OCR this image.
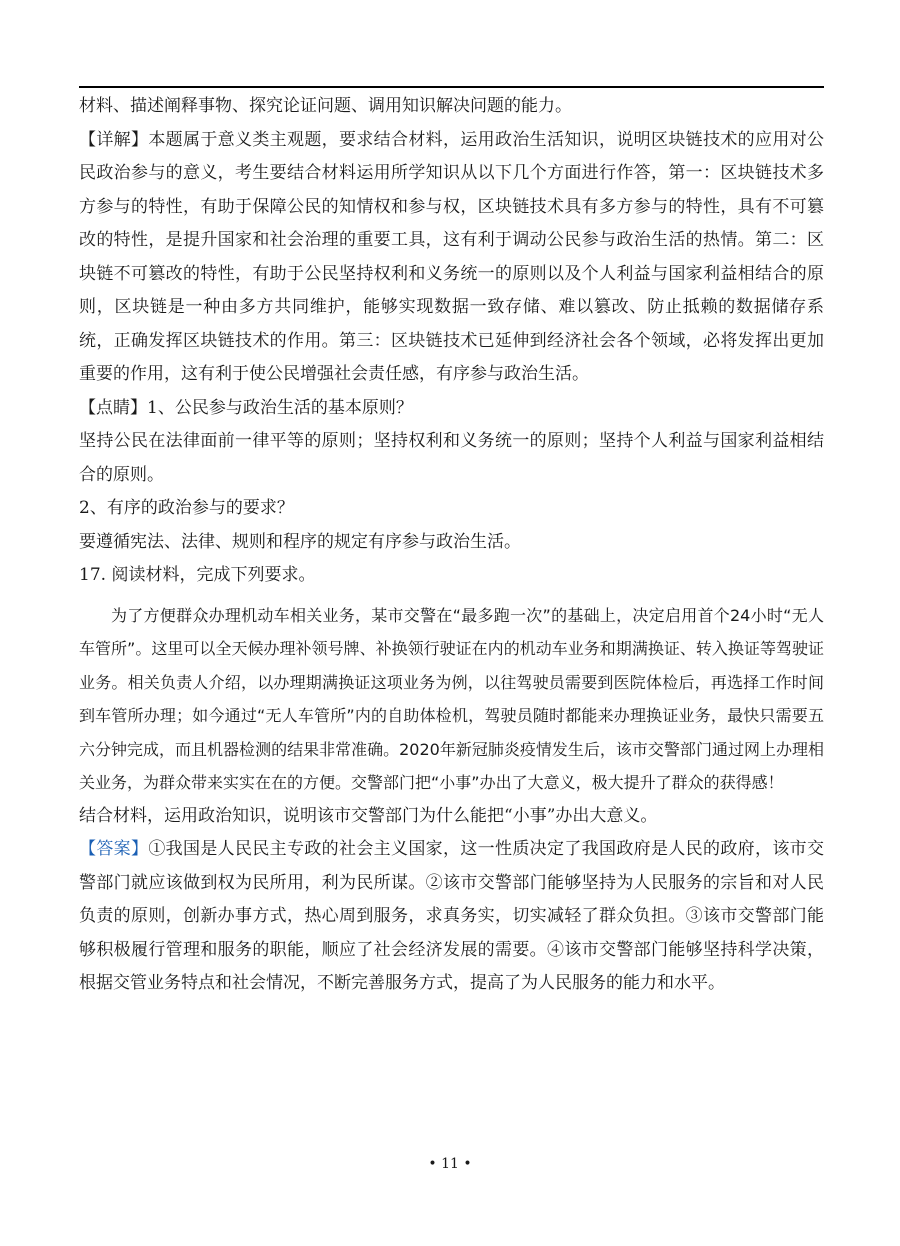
材料、描述阐释事物、探究论证问题、调用知识解决问题的能力。

【详解】本题属于意义类主观题，要求结合材料，运用政治生活知识，说明区块链技术的应用对公民政治参与的意义，考生要结合材料运用所学知识从以下几个方面进行作答，第一：区块链技术多方参与的特性，有助于保障公民的知情权和参与权，区块链技术具有多方参与的特性，具有不可篡改的特性，是提升国家和社会治理的重要工具，这有利于调动公民参与政治生活的热情。第二：区块链不可篡改的特性，有助于公民坚持权利和义务统一的原则以及个人利益与国家利益相结合的原则，区块链是一种由多方共同维护，能够实现数据一致存储、难以篡改、防止抵赖的数据储存系统，正确发挥区块链技术的作用。第三：区块链技术已延伸到经济社会各个领域，必将发挥出更加重要的作用，这有利于使公民增强社会责任感，有序参与政治生活。

【点睛】1、公民参与政治生活的基本原则？

坚持公民在法律面前一律平等的原则；坚持权利和义务统一的原则；坚持个人利益与国家利益相结合的原则。

2、有序的政治参与的要求？

要遵循宪法、法律、规则和程序的规定有序参与政治生活。

17. 阅读材料，完成下列要求。

为了方便群众办理机动车相关业务，某市交警在“最多跑一次”的基础上，决定启用首个24小时“无人车管所”。这里可以全天候办理补领号牌、补换领行驶证在内的机动车业务和期满换证、转入换证等驾驶证业务。相关负责人介绍，以办理期满换证这项业务为例，以往驾驶员需要到医院体检后，再选择工作时间到车管所办理；如今通过“无人车管所”内的自助体检机，驾驶员随时都能来办理换证业务，最快只需要五六分钟完成，而且机器检测的结果非常准确。2020年新冠肺炎疫情发生后，该市交警部门通过网上办理相关业务，为群众带来实实在在的方便。交警部门把“小事”办出了大意义，极大提升了群众的获得感！

结合材料，运用政治知识，说明该市交警部门为什么能把“小事”办出大意义。

【答案】①我国是人民民主专政的社会主义国家，这一性质决定了我国政府是人民的政府，该市交警部门就应该做到权为民所用，利为民所谋。②该市交警部门能够坚持为人民服务的宗旨和对人民负责的原则，创新办事方式，热心周到服务，求真务实，切实减轻了群众负担。③该市交警部门能够积极履行管理和服务的职能，顺应了社会经济发展的需要。④该市交警部门能够坚持科学决策，根据交管业务特点和社会情况，不断完善服务方式，提高了为人民服务的能力和水平。

• 11 •
